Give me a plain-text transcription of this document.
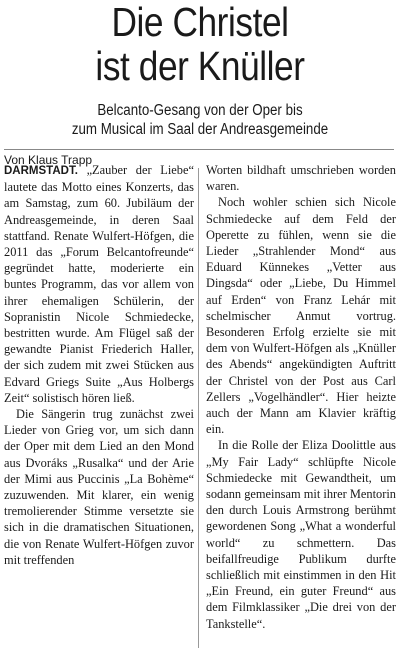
Die Christel
ist der Knüller
Belcanto-Gesang von der Oper bis
zum Musical im Saal der Andreasgemeinde
Von Klaus Trapp

DARMSTADT. „Zauber der Liebe“ lautete das Motto eines Konzerts, das am Samstag, zum 60. Jubiläum der Andreasgemeinde, in deren Saal stattfand. Renate Wulfert-Höfgen, die 2011 das „Forum Belcantofreunde“ gegründet hatte, moderierte ein buntes Programm, das vor allem von ihrer ehemaligen Schülerin, der Sopranistin Nicole Schmiedecke, bestritten wurde. Am Flügel saß der gewandte Pianist Friederich Haller, der sich zudem mit zwei Stücken aus Edvard Griegs Suite „Aus Holbergs Zeit“ solistisch hören ließ.

Die Sängerin trug zunächst zwei Lieder von Grieg vor, um sich dann der Oper mit dem Lied an den Mond aus Dvoráks „Rusalka“ und der Arie der Mimi aus Puccinis „La Bohème“ zuzuwenden. Mit klarer, ein wenig tremolierender Stimme versetzte sie sich in die dramatischen Situationen, die von Renate Wulfert-Höfgen zuvor mit treffenden

Worten bildhaft umschrieben worden waren.

Noch wohler schien sich Nicole Schmiedecke auf dem Feld der Operette zu fühlen, wenn sie die Lieder „Strahlender Mond“ aus Eduard Künnekes „Vetter aus Dingsda“ oder „Liebe, Du Himmel auf Erden“ von Franz Lehár mit schelmischer Anmut vortrug. Besonderen Erfolg erzielte sie mit dem von Wulfert-Höfgen als „Knüller des Abends“ angekündigten Auftritt der Christel von der Post aus Carl Zellers „Vogelhändler“. Hier heizte auch der Mann am Klavier kräftig ein.

In die Rolle der Eliza Doolittle aus „My Fair Lady“ schlüpfte Nicole Schmiedecke mit Gewandtheit, um sodann gemeinsam mit ihrer Mentorin den durch Louis Armstrong berühmt gewordenen Song „What a wonderful world“ zu schmettern. Das beifallfreudige Publikum durfte schließlich mit einstimmen in den Hit „Ein Freund, ein guter Freund“ aus dem Filmklassiker „Die drei von der Tankstelle“.
